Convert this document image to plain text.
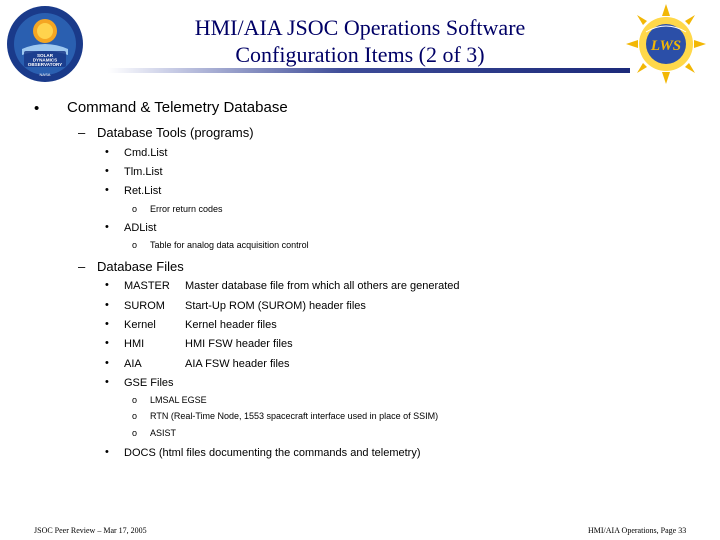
SOLAR
DYNAMICS
OBSERVATORY
NASA
LWS
HMI/AIA JSOC Operations Software
Configuration Items (2 of 3)
• Command & Telemetry Database
– Database Tools (programs)
• Cmd.List
• Tlm.List
• Ret.List
o Error return codes
• ADList
o Table for analog data acquisition control
– Database Files
• MASTER Master database file from which all others are generated
• SUROM Start-Up ROM (SUROM) header files
• Kernel	Kernel header files
• HMI	HMI FSW header files
• AIA	AIA FSW header files
• GSE Files
o LMSAL EGSE
o RTN (Real-Time Node, 1553 spacecraft interface used in place of SSIM)
o ASIST
• DOCS (html files documenting the commands and telemetry)
JSOC Peer Review – Mar 17, 2005	HMI/AIA Operations, Page 33
